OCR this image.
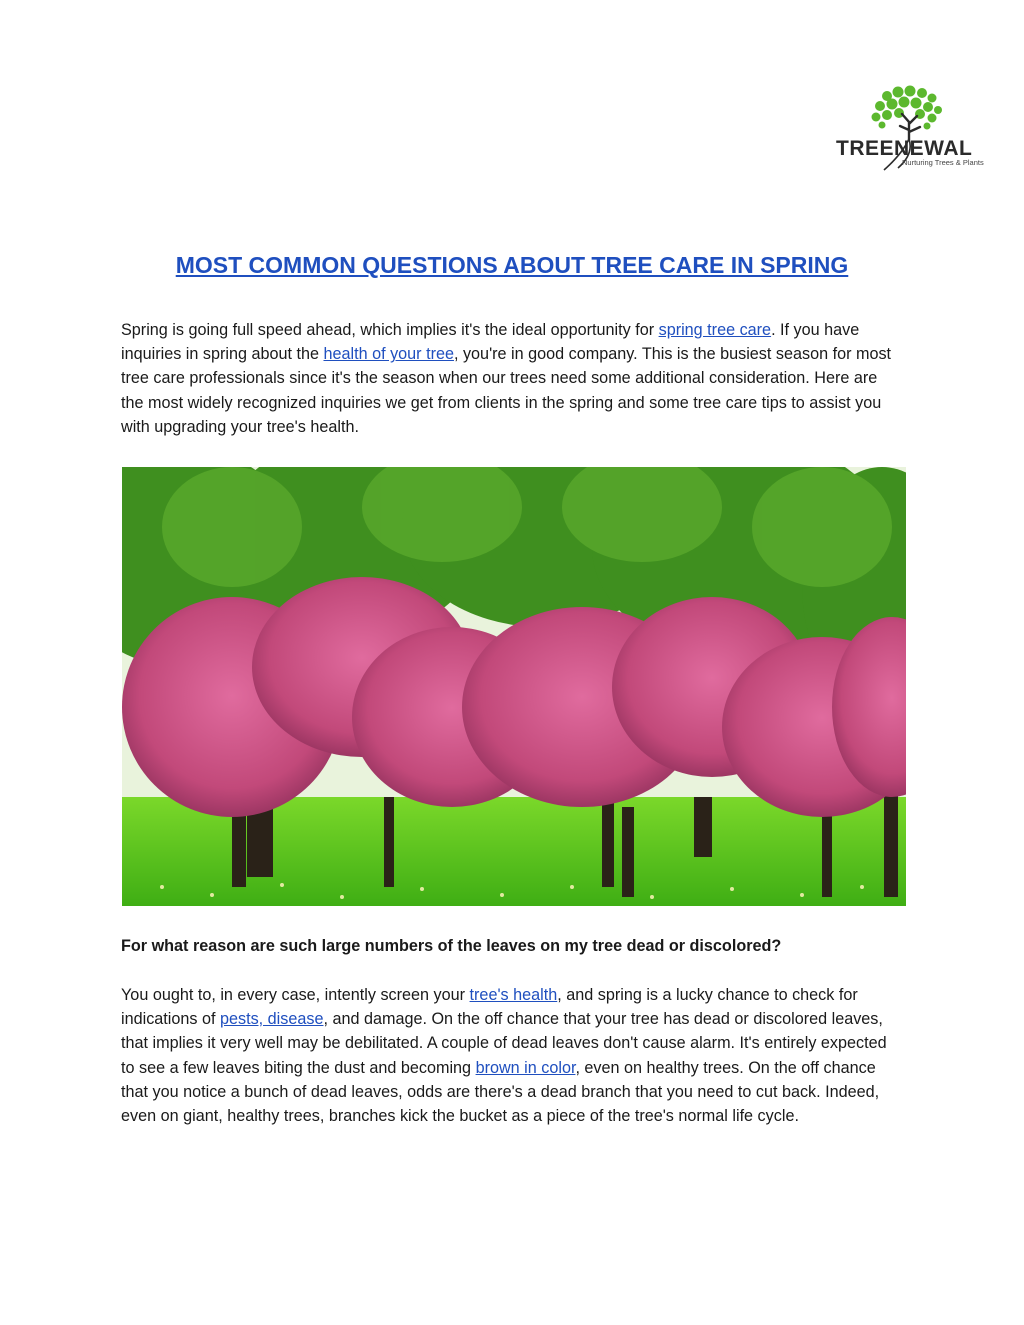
TREENEWAL
Nurturing Trees & Plants
MOST COMMON QUESTIONS ABOUT TREE CARE IN SPRING

Spring is going full speed ahead, which implies it's the ideal opportunity for spring tree care. If you have inquiries in spring about the health of your tree, you're in good company. This is the busiest season for most tree care professionals since it's the season when our trees need some additional consideration. Here are the most widely recognized inquiries we get from clients in the spring and some tree care tips to assist you with upgrading your tree's health.

For what reason are such large numbers of the leaves on my tree dead or discolored?

You ought to, in every case, intently screen your tree's health, and spring is a lucky chance to check for indications of pests, disease, and damage. On the off chance that your tree has dead or discolored leaves, that implies it very well may be debilitated. A couple of dead leaves don't cause alarm. It's entirely expected to see a few leaves biting the dust and becoming brown in color, even on healthy trees. On the off chance that you notice a bunch of dead leaves, odds are there's a dead branch that you need to cut back. Indeed, even on giant, healthy trees, branches kick the bucket as a piece of the tree's normal life cycle.
